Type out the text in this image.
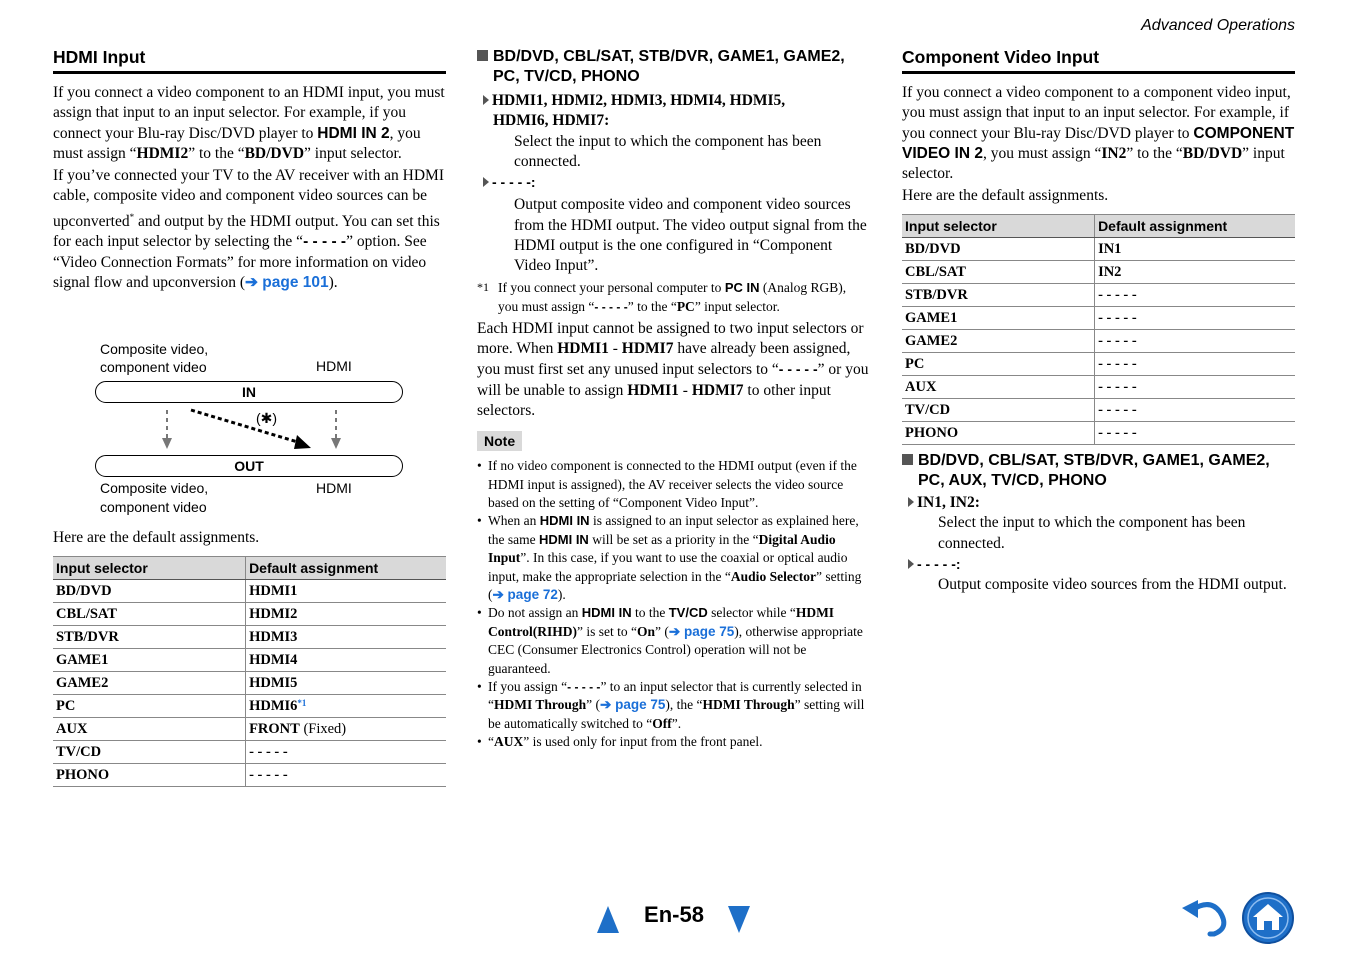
Advanced Operations
HDMI Input

If you connect a video component to an HDMI input, you must assign that input to an input selector. For example, if you connect your Blu-ray Disc/DVD player to HDMI IN 2, you must assign “HDMI2” to the “BD/DVD” input selector.

If you’ve connected your TV to the AV receiver with an HDMI cable, composite video and component video sources can be upconverted* and output by the HDMI output. You can set this for each input selector by selecting the “- - - - -” option. See “Video Connection Formats” for more information on video signal flow and upconversion (➔ page 101).

Composite video,
component video	HDMI
IN
(✱)
OUT
Composite video,
component video
HDMI

Here are the default assignments.

Input selector	Default assignment
BD/DVD	HDMI1
CBL/SAT	HDMI2
STB/DVR	HDMI3
GAME1	HDMI4
GAME2	HDMI5
PC	HDMI6$^{*1}$
AUX	FRONT (Fixed)
TV/CD	- - - - -
PHONO	- - - - -
BD/DVD, CBL/SAT, STB/DVR, GAME1, GAME2,
PC, TV/CD, PHONO

HDMI1, HDMI2, HDMI3, HDMI4, HDMI5,
HDMI6, HDMI7:

Select the input to which the component has been connected.

- - - - -:

Output composite video and component video sources from the HDMI output. The video output signal from the HDMI output is the one configured in “Component Video Input”.

*1 If you connect your personal computer to PC IN (Analog RGB), you must assign “- - - - -” to the “PC” input selector.

Each HDMI input cannot be assigned to two input selectors or more. When HDMI1 - HDMI7 have already been assigned, you must first set any unused input selectors to “- - - - -” or you will be unable to assign HDMI1 - HDMI7 to other input selectors.

Note
• If no video component is connected to the HDMI output (even if the HDMI input is assigned), the AV receiver selects the video source based on the setting of “Component Video Input”.
• When an HDMI IN is assigned to an input selector as explained here, the same HDMI IN will be set as a priority in the “Digital Audio Input”. In this case, if you want to use the coaxial or optical audio input, make the appropriate selection in the “Audio Selector” setting (➔ page 72).
• Do not assign an HDMI IN to the TV/CD selector while “HDMI Control(RIHD)” is set to “On” (➔ page 75), otherwise appropriate CEC (Consumer Electronics Control) operation will not be guaranteed.
• If you assign “- - - - -” to an input selector that is currently selected in “HDMI Through” (➔ page 75), the “HDMI Through” setting will be automatically switched to “Off”.
• “AUX” is used only for input from the front panel.
Component Video Input

If you connect a video component to a component video input, you must assign that input to an input selector. For example, if you connect your Blu-ray Disc/DVD player to COMPONENT VIDEO IN 2, you must assign “IN2” to the “BD/DVD” input selector.

Here are the default assignments.

Input selector	Default assignment
BD/DVD	IN1
CBL/SAT	IN2
STB/DVR	- - - - -
GAME1	- - - - -
GAME2	- - - - -
PC	- - - - -
AUX	- - - - -
TV/CD	- - - - -
PHONO	- - - - -
BD/DVD, CBL/SAT, STB/DVR, GAME1, GAME2,
PC, AUX, TV/CD, PHONO

IN1, IN2:

Select the input to which the component has been connected.

- - - - -:

Output composite video sources from the HDMI output.

En-58
